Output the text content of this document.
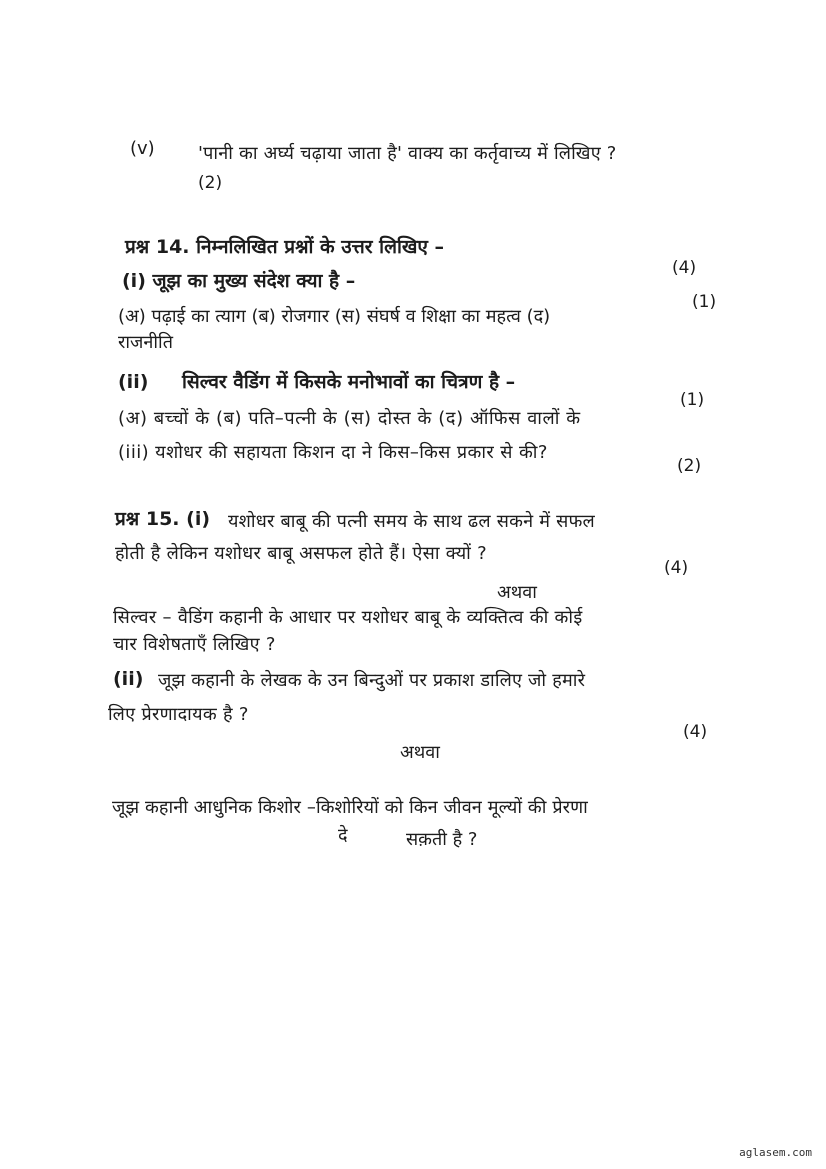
(v) 'पानी का अर्घ्य चढ़ाया जाता है' वाक्य का कर्तृवाच्य में लिखिए ?
(2)
प्रश्न 14. निम्नलिखित प्रश्नों के उत्तर लिखिए –
(4)
(i) जूझ का मुख्य संदेश क्या है –
(1)
(अ) पढ़ाई का त्याग (ब) रोजगार (स) संघर्ष व शिक्षा का महत्व (द)
राजनीति
(ii) सिल्वर वैडिंग में किसके मनोभावों का चित्रण है –
(1)
(अ) बच्चों के (ब) पति–पत्नी के (स) दोस्त के (द) ऑफिस वालों के
(iii) यशोधर की सहायता किशन दा ने किस–किस प्रकार से की?
(2)
प्रश्न 15. (i) यशोधर बाबू की पत्नी समय के साथ ढल सकने में सफल
होती है लेकिन यशोधर बाबू असफल होते हैं। ऐसा क्यों ?
(4)
अथवा
सिल्वर – वैडिंग कहानी के आधार पर यशोधर बाबू के व्यक्तित्व की कोई
चार विशेषताएँ लिखिए ?
(ii) जूझ कहानी के लेखक के उन बिन्दुओं पर प्रकाश डालिए जो हमारे
लिए प्रेरणादायक है ?
(4)
अथवा
जूझ कहानी आधुनिक किशोर –किशोरियों को किन जीवन मूल्यों की प्रेरणा
दे	सक़ती है ?
aglasem.com
